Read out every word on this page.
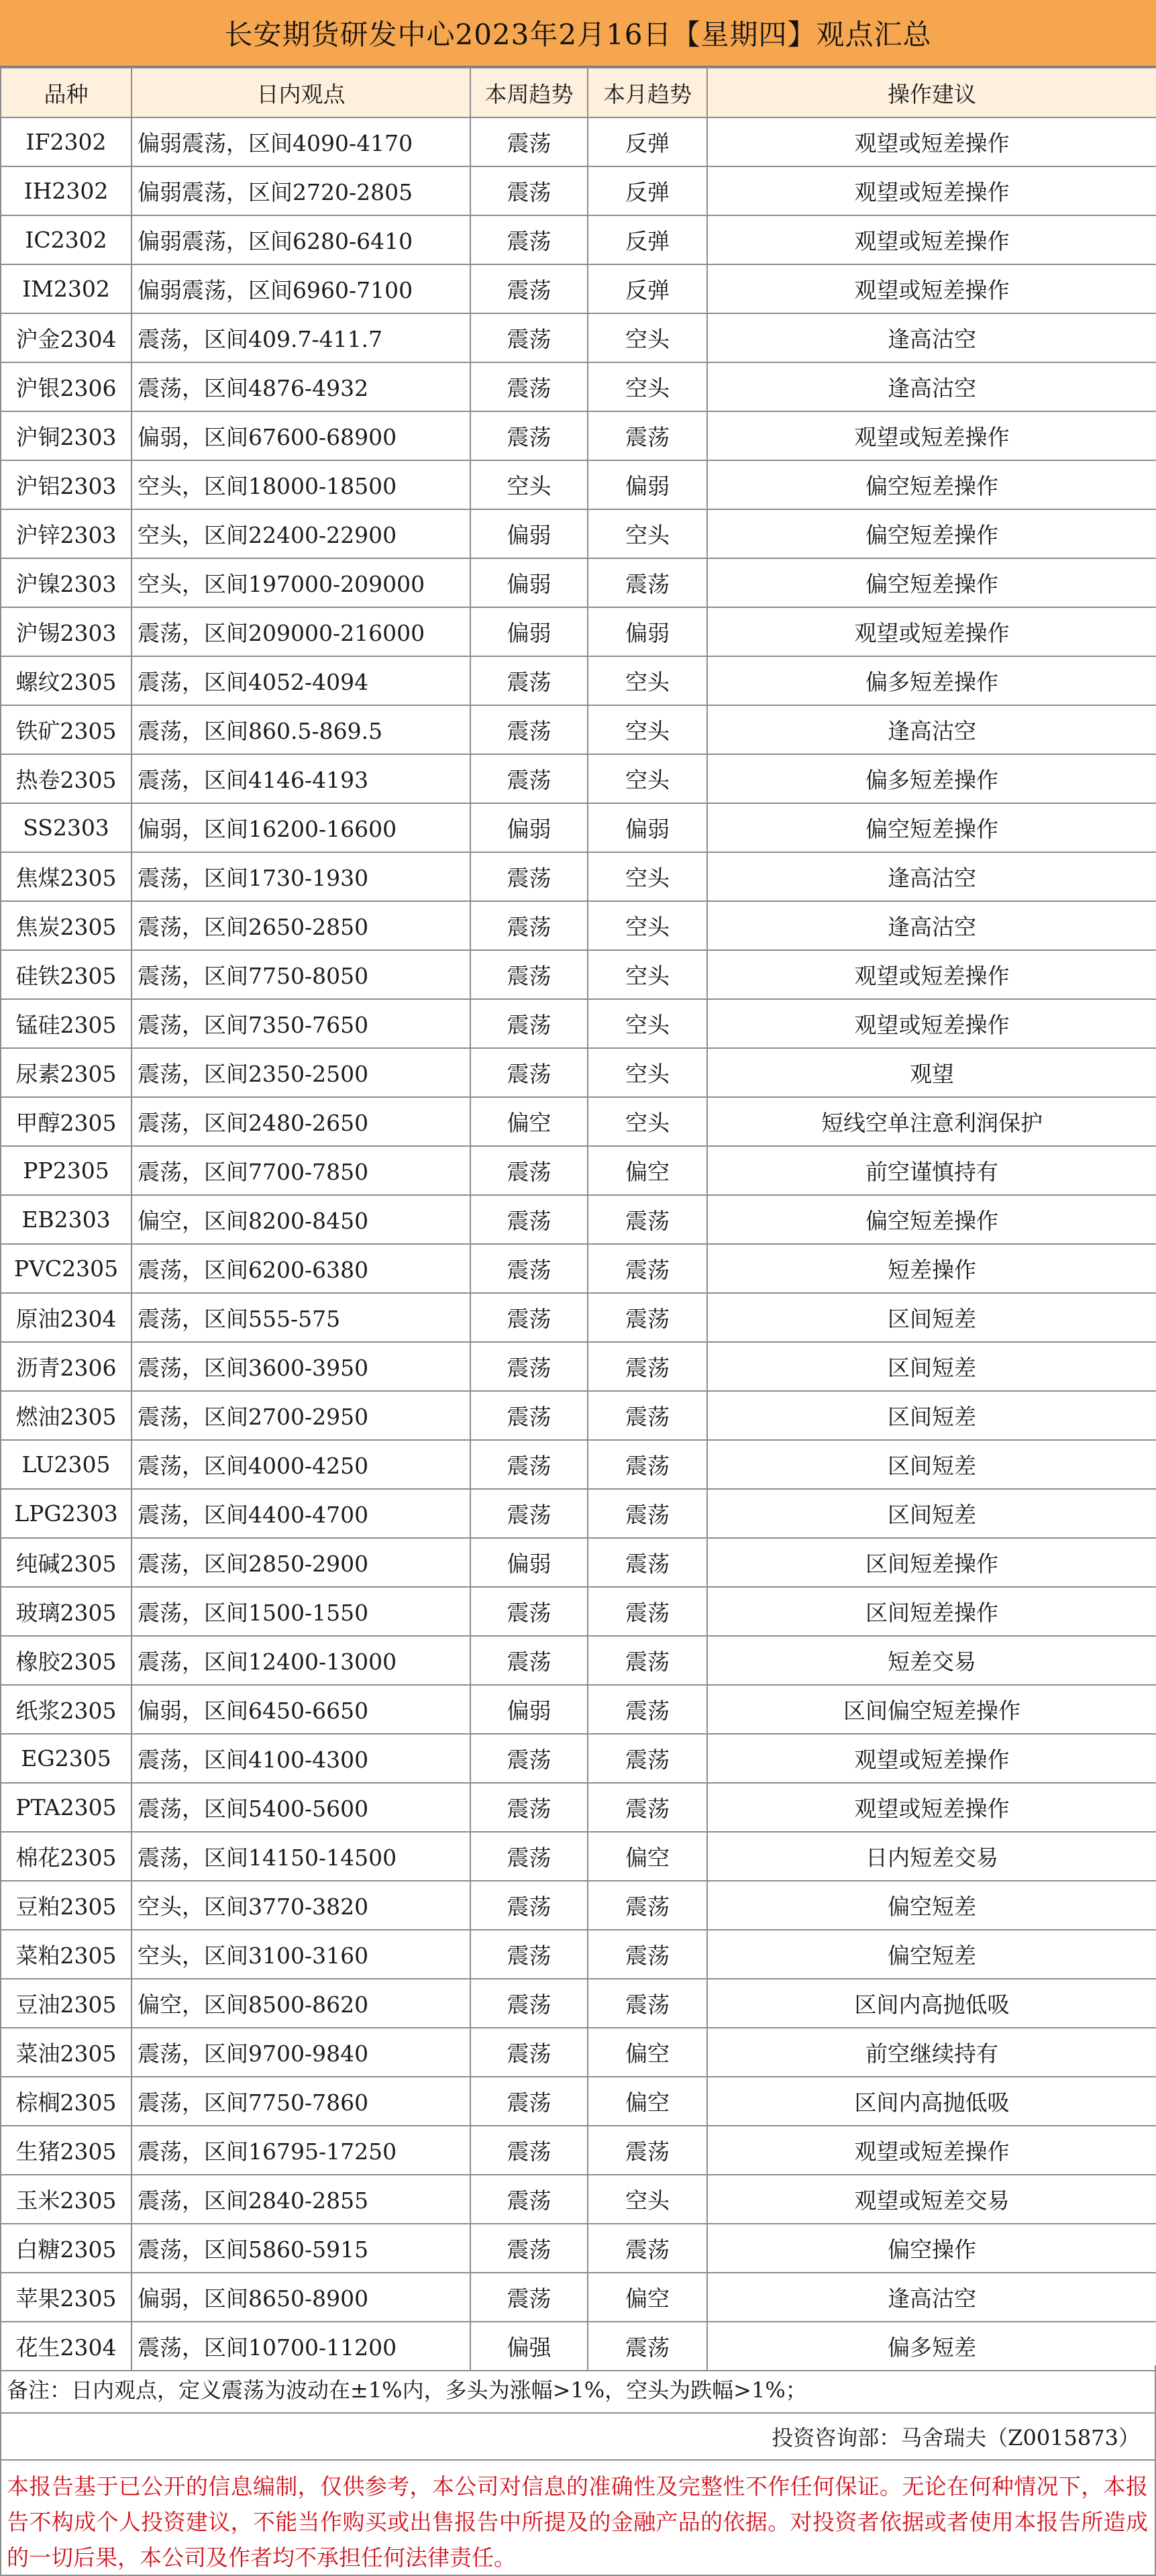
长安期货研发中心2023年2月16日【星期四】观点汇总
品种	日内观点	本周趋势	本月趋势	操作建议
IF2302	偏弱震荡，区间4090-4170	震荡	反弹	观望或短差操作
IH2302	偏弱震荡，区间2720-2805	震荡	反弹	观望或短差操作
IC2302	偏弱震荡，区间6280-6410	震荡	反弹	观望或短差操作
IM2302	偏弱震荡，区间6960-7100	震荡	反弹	观望或短差操作
沪金2304	震荡，区间409.7-411.7	震荡	空头	逢高沽空
沪银2306	震荡，区间4876-4932	震荡	空头	逢高沽空
沪铜2303	偏弱，区间67600-68900	震荡	震荡	观望或短差操作
沪铝2303	空头，区间18000-18500	空头	偏弱	偏空短差操作
沪锌2303	空头，区间22400-22900	偏弱	空头	偏空短差操作
沪镍2303	空头，区间197000-209000	偏弱	震荡	偏空短差操作
沪锡2303	震荡，区间209000-216000	偏弱	偏弱	观望或短差操作
螺纹2305	震荡，区间4052-4094	震荡	空头	偏多短差操作
铁矿2305	震荡，区间860.5-869.5	震荡	空头	逢高沽空
热卷2305	震荡，区间4146-4193	震荡	空头	偏多短差操作
SS2303	偏弱，区间16200-16600	偏弱	偏弱	偏空短差操作
焦煤2305	震荡，区间1730-1930	震荡	空头	逢高沽空
焦炭2305	震荡，区间2650-2850	震荡	空头	逢高沽空
硅铁2305	震荡，区间7750-8050	震荡	空头	观望或短差操作
锰硅2305	震荡，区间7350-7650	震荡	空头	观望或短差操作
尿素2305	震荡，区间2350-2500	震荡	空头	观望
甲醇2305	震荡，区间2480-2650	偏空	空头	短线空单注意利润保护
PP2305	震荡，区间7700-7850	震荡	偏空	前空谨慎持有
EB2303	偏空，区间8200-8450	震荡	震荡	偏空短差操作
PVC2305	震荡，区间6200-6380	震荡	震荡	短差操作
原油2304	震荡，区间555-575	震荡	震荡	区间短差
沥青2306	震荡，区间3600-3950	震荡	震荡	区间短差
燃油2305	震荡，区间2700-2950	震荡	震荡	区间短差
LU2305	震荡，区间4000-4250	震荡	震荡	区间短差
LPG2303	震荡，区间4400-4700	震荡	震荡	区间短差
纯碱2305	震荡，区间2850-2900	偏弱	震荡	区间短差操作
玻璃2305	震荡，区间1500-1550	震荡	震荡	区间短差操作
橡胶2305	震荡，区间12400-13000	震荡	震荡	短差交易
纸浆2305	偏弱，区间6450-6650	偏弱	震荡	区间偏空短差操作
EG2305	震荡，区间4100-4300	震荡	震荡	观望或短差操作
PTA2305	震荡，区间5400-5600	震荡	震荡	观望或短差操作
棉花2305	震荡，区间14150-14500	震荡	偏空	日内短差交易
豆粕2305	空头，区间3770-3820	震荡	震荡	偏空短差
菜粕2305	空头，区间3100-3160	震荡	震荡	偏空短差
豆油2305	偏空，区间8500-8620	震荡	震荡	区间内高抛低吸
菜油2305	震荡，区间9700-9840	震荡	偏空	前空继续持有
棕榈2305	震荡，区间7750-7860	震荡	偏空	区间内高抛低吸
生猪2305	震荡，区间16795-17250	震荡	震荡	观望或短差操作
玉米2305	震荡，区间2840-2855	震荡	空头	观望或短差交易
白糖2305	震荡，区间5860-5915	震荡	震荡	偏空操作
苹果2305	偏弱，区间8650-8900	震荡	偏空	逢高沽空
花生2304	震荡，区间10700-11200	偏强	震荡	偏多短差
备注：日内观点，定义震荡为波动在±1%内，多头为涨幅>1%，空头为跌幅>1%；
投资咨询部：马舍瑞夫（Z0015873）
本报告基于已公开的信息编制，仅供参考，本公司对信息的准确性及完整性不作任何保证。无论在何种情况下，本报告不构成个人投资建议，不能当作购买或出售报告中所提及的金融产品的依据。对投资者依据或者使用本报告所造成的一切后果，本公司及作者均不承担任何法律责任。
